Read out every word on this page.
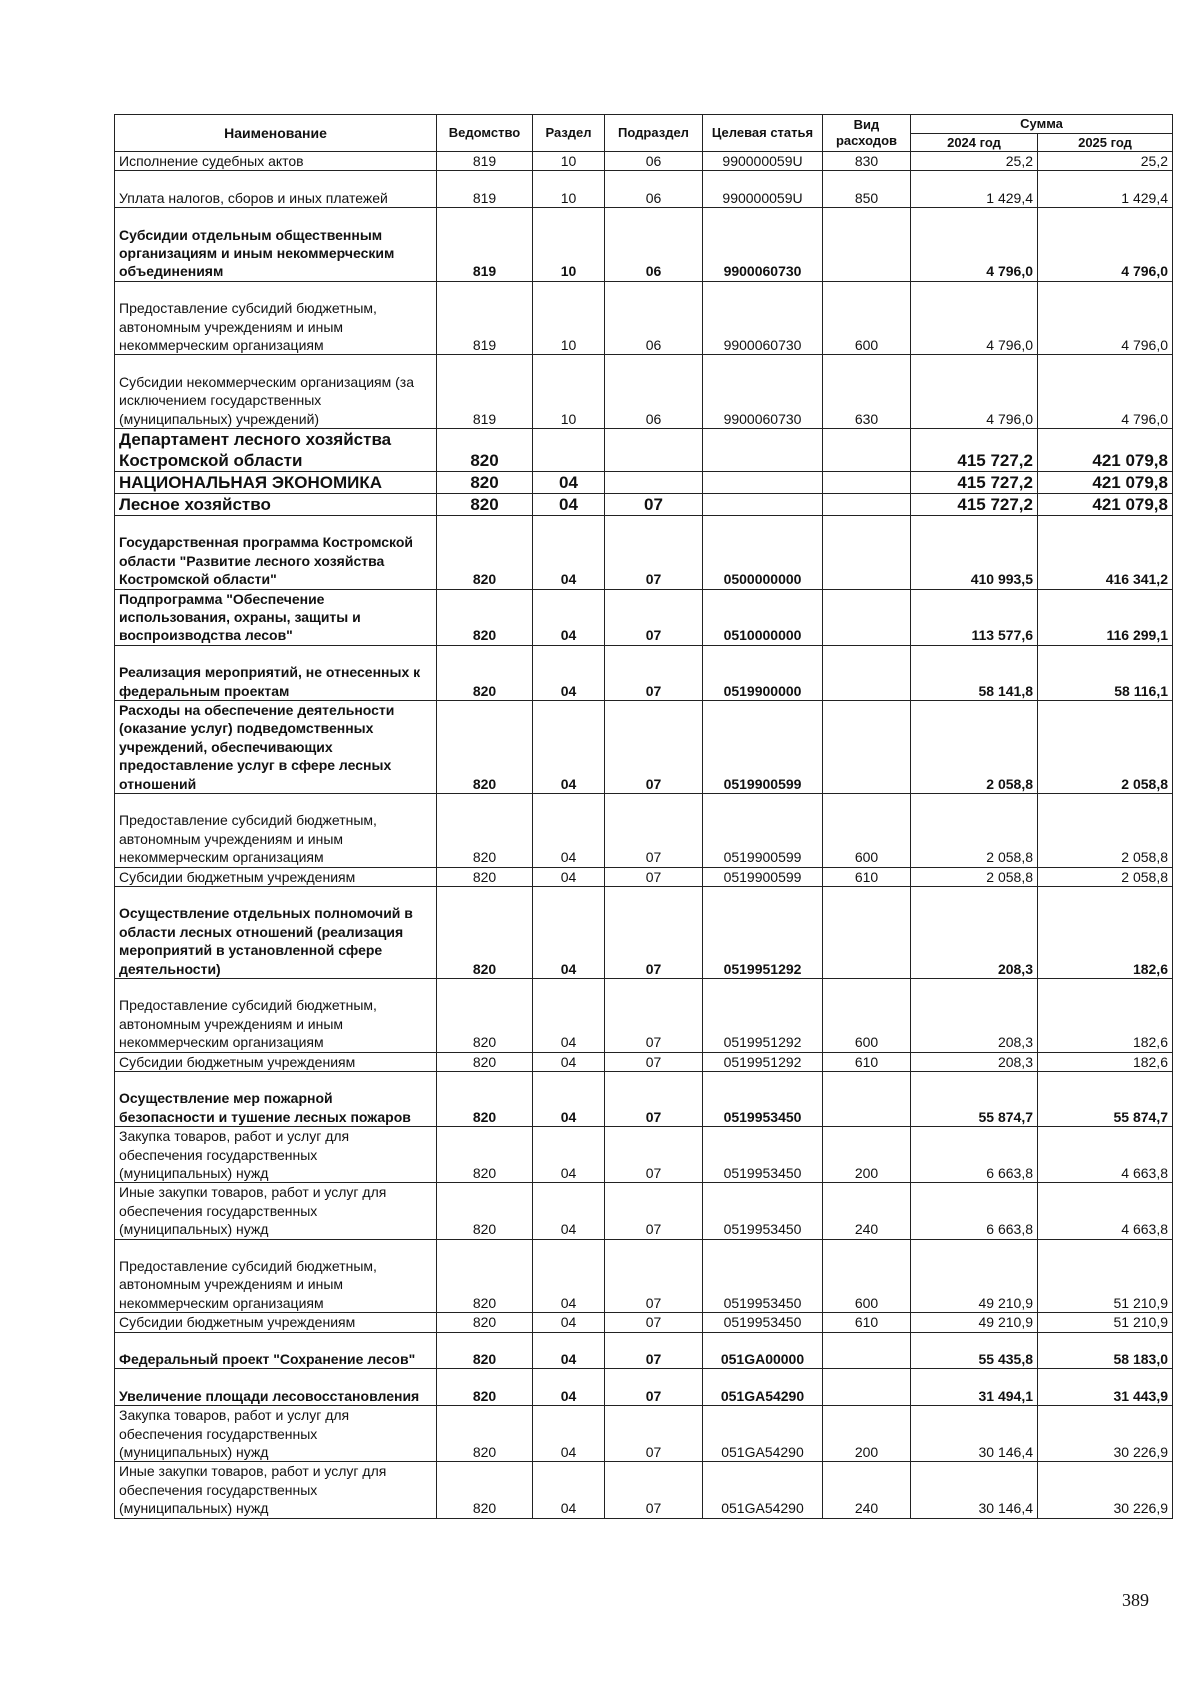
Наименование	Ведомство	Раздел	Подраздел	Целевая статья	Вид расходов	Сумма	
						2024 год	2025 год
Исполнение судебных актов	819	10	06	990000059U	830	25,2	25,2
Уплата налогов, сборов и иных платежей	819	10	06	990000059U	850	1 429,4	1 429,4
Субсидии отдельным общественным организациям и иным некоммерческим объединениям	819	10	06	9900060730		4 796,0	4 796,0
Предоставление субсидий бюджетным, автономным учреждениям и иным некоммерческим организациям	819	10	06	9900060730	600	4 796,0	4 796,0
Субсидии некоммерческим организациям (за исключением государственных (муниципальных) учреждений)	819	10	06	9900060730	630	4 796,0	4 796,0
Департамент лесного хозяйства Костромской области	820					415 727,2	421 079,8
НАЦИОНАЛЬНАЯ ЭКОНОМИКА	820	04				415 727,2	421 079,8
Лесное хозяйство	820	04	07			415 727,2	421 079,8
Государственная программа Костромской области "Развитие лесного хозяйства Костромской области"	820	04	07	0500000000		410 993,5	416 341,2
Подпрограмма "Обеспечение использования, охраны, защиты и воспроизводства лесов"	820	04	07	0510000000		113 577,6	116 299,1
Реализация мероприятий, не отнесенных к федеральным проектам	820	04	07	0519900000		58 141,8	58 116,1
Расходы на обеспечение деятельности (оказание услуг) подведомственных учреждений, обеспечивающих предоставление услуг в сфере лесных отношений	820	04	07	0519900599		2 058,8	2 058,8
Предоставление субсидий бюджетным, автономным учреждениям и иным некоммерческим организациям	820	04	07	0519900599	600	2 058,8	2 058,8
Субсидии бюджетным учреждениям	820	04	07	0519900599	610	2 058,8	2 058,8
Осуществление отдельных полномочий в области лесных отношений (реализация мероприятий в установленной сфере деятельности)	820	04	07	0519951292		208,3	182,6
Предоставление субсидий бюджетным, автономным учреждениям и иным некоммерческим организациям	820	04	07	0519951292	600	208,3	182,6
Субсидии бюджетным учреждениям	820	04	07	0519951292	610	208,3	182,6
Осуществление мер пожарной безопасности и тушение лесных пожаров	820	04	07	0519953450		55 874,7	55 874,7
Закупка товаров, работ и услуг для обеспечения государственных (муниципальных) нужд	820	04	07	0519953450	200	6 663,8	4 663,8
Иные закупки товаров, работ и услуг для обеспечения государственных (муниципальных) нужд	820	04	07	0519953450	240	6 663,8	4 663,8
Предоставление субсидий бюджетным, автономным учреждениям и иным некоммерческим организациям	820	04	07	0519953450	600	49 210,9	51 210,9
Субсидии бюджетным учреждениям	820	04	07	0519953450	610	49 210,9	51 210,9
Федеральный проект "Сохранение лесов"	820	04	07	051GA00000		55 435,8	58 183,0
Увеличение площади лесовосстановления	820	04	07	051GA54290		31 494,1	31 443,9
Закупка товаров, работ и услуг для обеспечения государственных (муниципальных) нужд	820	04	07	051GA54290	200	30 146,4	30 226,9
Иные закупки товаров, работ и услуг для обеспечения государственных (муниципальных) нужд	820	04	07	051GA54290	240	30 146,4	30 226,9
389
